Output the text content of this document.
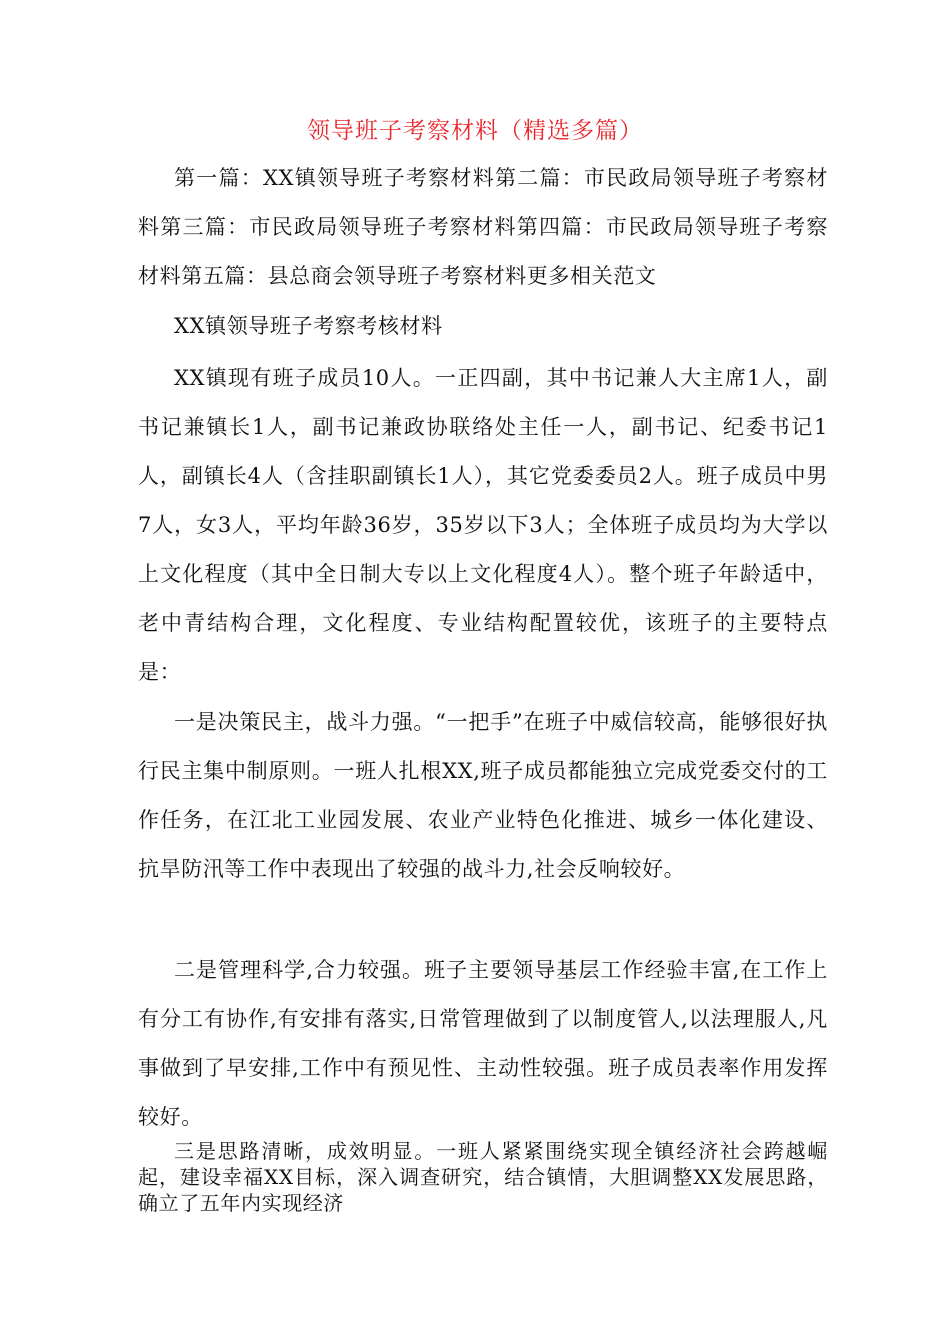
领导班子考察材料（精选多篇）
第一篇：XX镇领导班子考察材料第二篇：市民政局领导班子考察材料第三篇：市民政局领导班子考察材料第四篇：市民政局领导班子考察材料第五篇：县总商会领导班子考察材料更多相关范文
XX镇领导班子考察考核材料
XX镇现有班子成员10人。一正四副，其中书记兼人大主席1人，副书记兼镇长1人，副书记兼政协联络处主任一人，副书记、纪委书记1人，副镇长4人（含挂职副镇长1人），其它党委委员2人。班子成员中男7人，女3人，平均年龄36岁，35岁以下3人；全体班子成员均为大学以上文化程度（其中全日制大专以上文化程度4人）。整个班子年龄适中，老中青结构合理，文化程度、专业结构配置较优，该班子的主要特点是：
一是决策民主，战斗力强。“一把手”在班子中威信较高，能够很好执行民主集中制原则。一班人扎根XX,班子成员都能独立完成党委交付的工作任务，在江北工业园发展、农业产业特色化推进、城乡一体化建设、抗旱防汛等工作中表现出了较强的战斗力,社会反响较好。
二是管理科学,合力较强。班子主要领导基层工作经验丰富,在工作上有分工有协作,有安排有落实,日常管理做到了以制度管人,以法理服人,凡事做到了早安排,工作中有预见性、主动性较强。班子成员表率作用发挥较好。
三是思路清晰，成效明显。一班人紧紧围绕实现全镇经济社会跨越崛起，建设幸福XX目标，深入调查研究，结合镇情，大胆调整XX发展思路，确立了五年内实现经济
